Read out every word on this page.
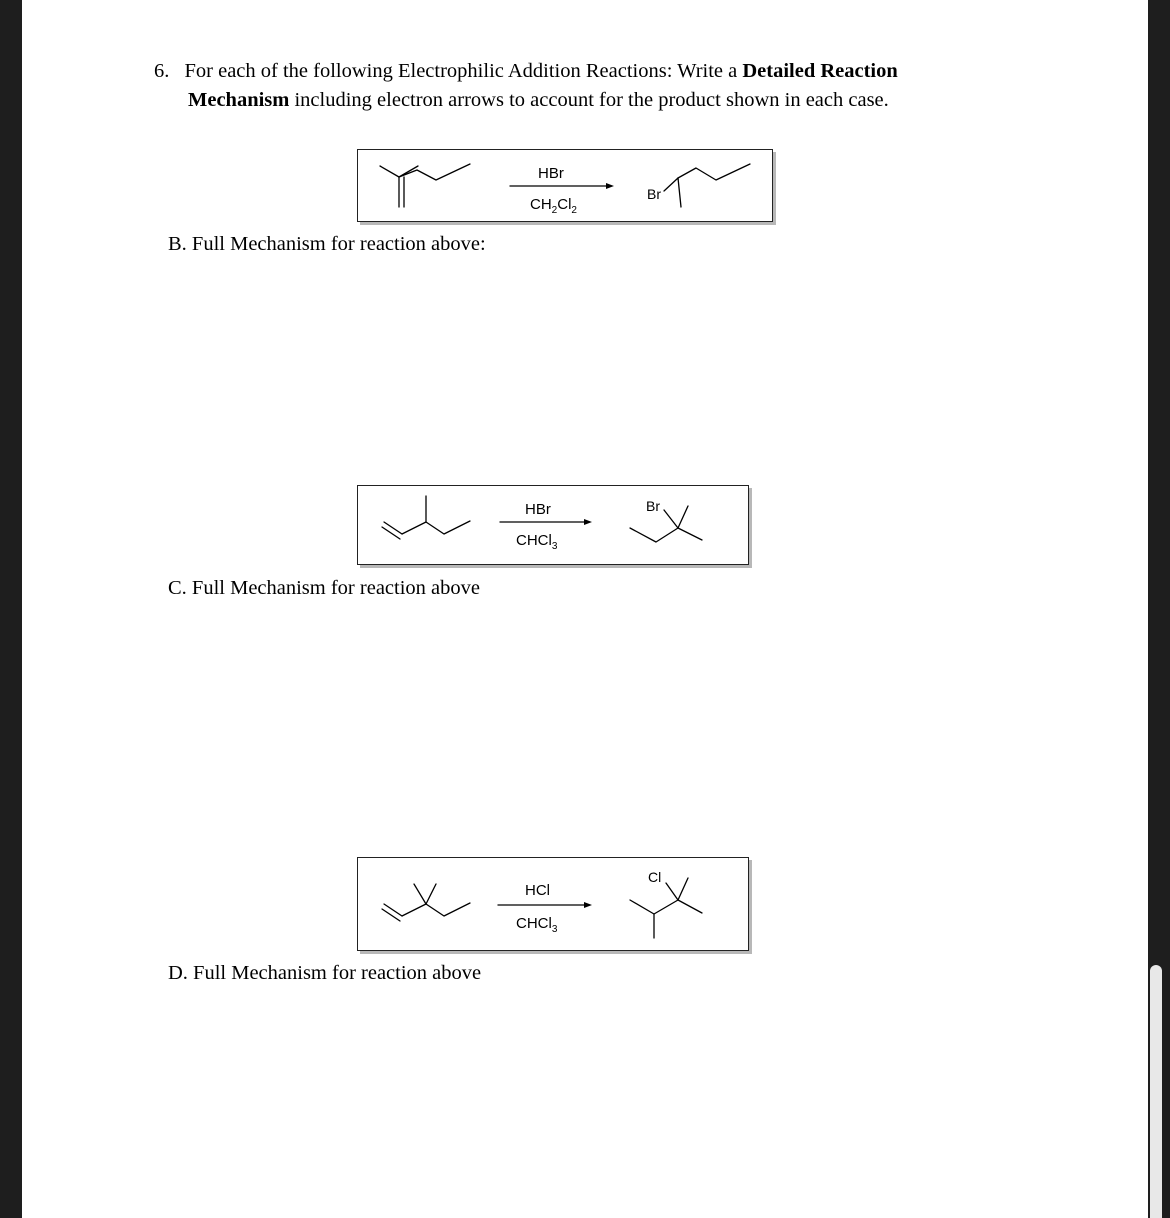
6. For each of the following Electrophilic Addition Reactions: Write a Detailed Reaction
Mechanism including electron arrows to account for the product shown in each case.
HBr
$CH_2Cl_2$
Br
B. Full Mechanism for reaction above:
HBr
CHCl$_3$
Br
C. Full Mechanism for reaction above
HCl
CHCl$_3$
Cl
D. Full Mechanism for reaction above
